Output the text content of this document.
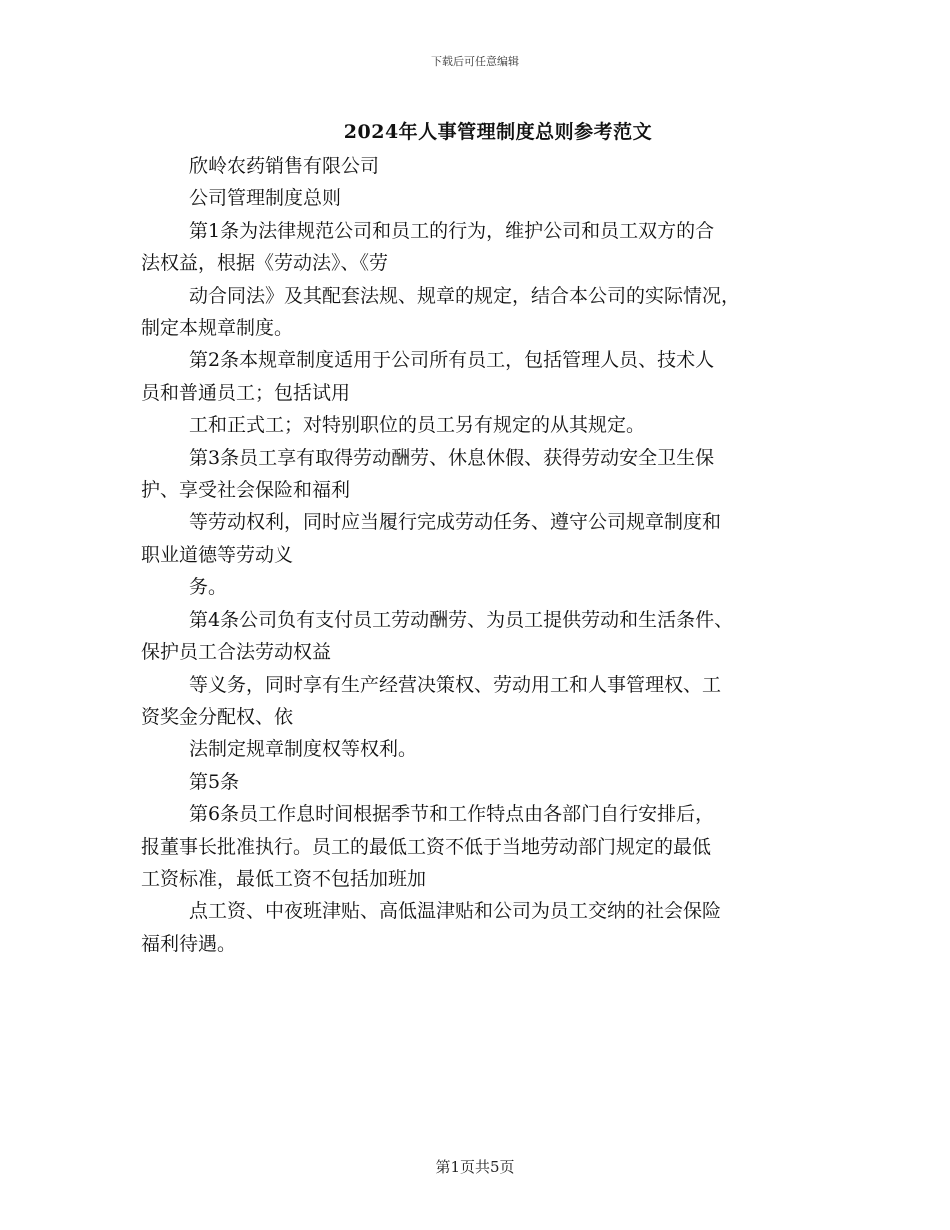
下载后可任意编辑
2024年人事管理制度总则参考范文

欣岭农药销售有限公司

公司管理制度总则

第1条为法律规范公司和员工的行为，维护公司和员工双方的合

法权益，根据《劳动法》、《劳

动合同法》及其配套法规、规章的规定，结合本公司的实际情况，

制定本规章制度。

第2条本规章制度适用于公司所有员工，包括管理人员、技术人

员和普通员工；包括试用

工和正式工；对特别职位的员工另有规定的从其规定。

第3条员工享有取得劳动酬劳、休息休假、获得劳动安全卫生保

护、享受社会保险和福利

等劳动权利，同时应当履行完成劳动任务、遵守公司规章制度和

职业道德等劳动义

务。

第4条公司负有支付员工劳动酬劳、为员工提供劳动和生活条件、

保护员工合法劳动权益

等义务，同时享有生产经营决策权、劳动用工和人事管理权、工

资奖金分配权、依

法制定规章制度权等权利。

第5条

第6条员工作息时间根据季节和工作特点由各部门自行安排后，

报董事长批准执行。员工的最低工资不低于当地劳动部门规定的最低

工资标准，最低工资不包括加班加

点工资、中夜班津贴、高低温津贴和公司为员工交纳的社会保险

福利待遇。

第1页共5页
